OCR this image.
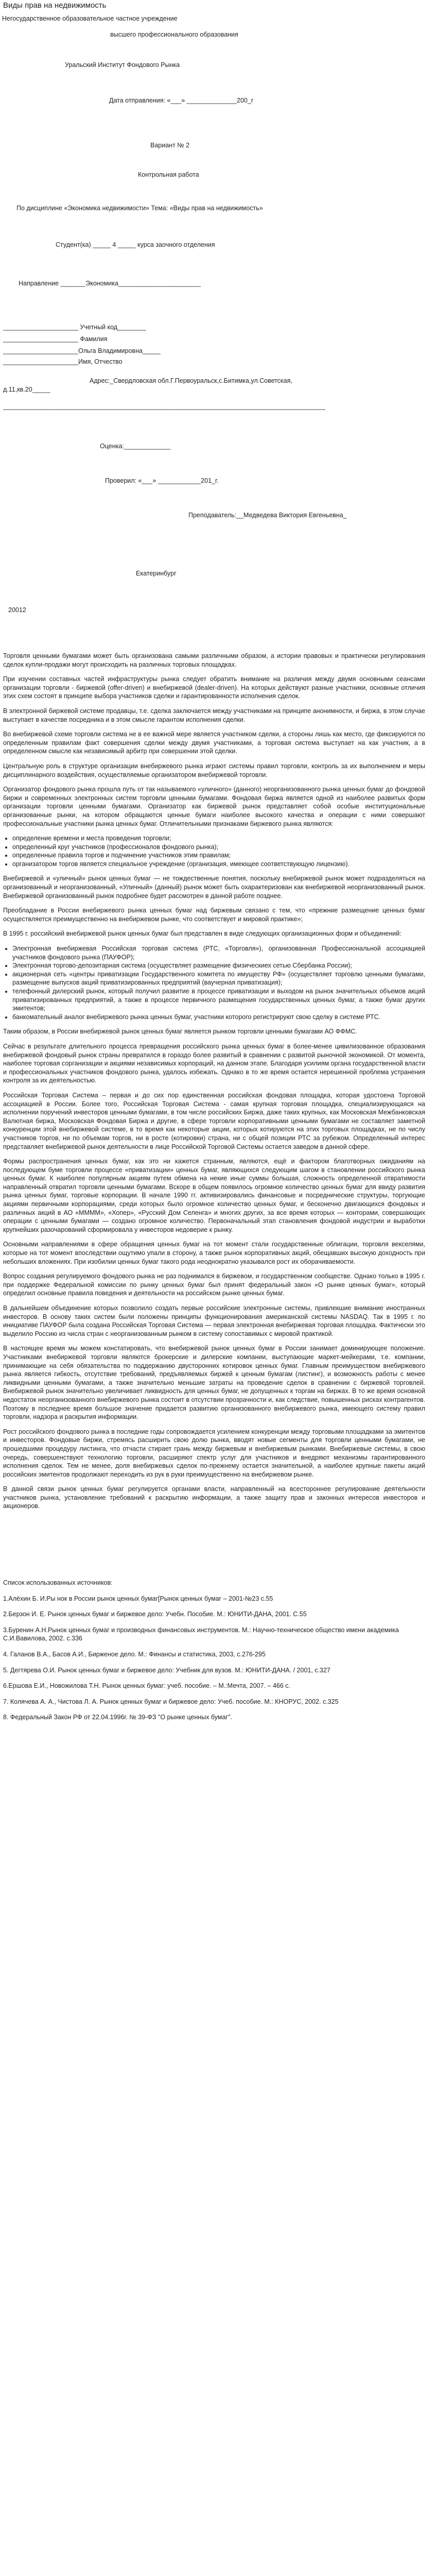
Виды прав на недвижимость

Негосударственное образовательное частное учреждение

высшего профессионального образования

Уральский Институт Фондового Рынка

Дата отправления: «___» ______________200_г

Вариант № 2

Контрольная работа

По дисциплине «Экономика недвижимости» Тема: «Виды прав на недвижимость»

Студент(ка) _____ 4 _____ курса заочного отделения

Направление _______Экономика_______________________

_____________________ Учетный код________

_____________________ Фамилия

_____________________Ольга Владимировна_____

_____________________Имя, Отчество

Адрес:_Свердловская обл.Г.Первоуральск,с.Битимка,ул.Советская, д.11,кв.20_____

__________________________________________________________________________________________

Оценка:_____________

Проверил: «___» ____________201_г.

Преподаватель:__Медведева Виктория Евгеньевна_

Екатеринбург

20012

Торговля ценными бумагами может быть организована самыми различными образом, а истории правовых и практически регулирования сделок купли-продажи могут происходить на различных торговых площадках.

При изучении составных частей инфраструктуры рынка следует обратить внимание на различия между двумя основными сеансами организации торговли - биржевой (offer-driven) и внебиржевой (dealer-driven). На которых действуют разные участники, основные отличия этих схем состоят в принципе выбора участников сделки и гарантированности исполнения сделок.

В электронной биржевой системе продавцы, т.е. сделка заключается между участниками на принципе анонимности, и биржа, в этом случае выступает в качестве посредника и в этом смысле гарантом исполнения сделки.

Во внебиржевой схеме торговли система не в ее важной мере является участником сделки, а стороны лишь как место, где фиксируются по определенным правилам факт совершения сделки между двумя участниками, а торговая система выступает на как участник, а в определенном смысле как независимый арбитр при совершении этой сделки.

Центральную роль в структуре организации внебиржевого рынка играют системы правил торговли, контроль за их выполнением и меры дисциплинарного воздействия, осуществляемые организатором внебиржевой торговли.

Организатор фондового рынка прошла путь от так называемого «уличного» (данного) неорганизованного рынка ценных бумаг до фондовой биржи и современных электронных систем торговли ценными бумагами. Фондовая биржа является одной из наиболее развитых форм организации торговли ценными бумагами. Организатор как биржевой рынок представляет собой особые институциональные организованные рынки, на котором обращаются ценные бумаги наиболее высокого качества и операции с ними совершают профессиональные участники рынка ценных бумаг. Отличительными признаками биржевого рынка являются:

• определение времени и места проведения торговли;
• определенный круг участников (профессионалов фондового рынка);
• определенные правила торгов и подчинение участников этим правилам;
• организатором торгов является специальное учреждение (организация, имеющее соответствующую лицензию).

Внебиржевой и «уличный» рынок ценных бумаг — не тождественные понятия, поскольку внебиржевой рынок может подразделяться на организованный и неорганизованный, «Уличный» (данный) рынок может быть охарактеризован как внебиржевой неорганизованный рынок. Внебиржевой организованный рынок подробнее будет рассмотрен в данной работе позднее.

Преобладание в России внебиржевого рынка ценных бумаг над биржевым связано с тем, что «прежние размещение ценных бумаг осуществляется преимущественно на внебиржевом рынке, что соответствует и мировой практике»;

В 1995 г. российский внебиржевой рынок ценных бумаг был представлен в виде следующих организационных форм и объединений:

• Электронная внебиржевая Российская торговая система (РТС, «Торговля»), организованная Профессиональной ассоциацией участников фондового рынка (ПАУФОР);
• Электронная торгово-депозитарная система (осуществляет размещение физическиех сетью Сбербанка России);
• акционерная сеть «центры приватизации Государственного комитета по имуществу РФ» (осуществляет торговлю ценными бумагами, размещение выпусков акций приватизированных предприятий (ваучерная приватизация);
• телефонный дилерский рынок, который получил развитие в процессе приватизации и выходом на рынок значительных объемов акций приватизированных предприятий, а также в процессе первичного размещения государственных ценных бумаг, а также бумаг других эмитентов;
• банкомательный аналог внебиржевого рынка ценных бумаг, участники которого регистрируют свою сделку в системе РТС.

Таким образом, в России внебиржевой рынок ценных бумаг является рынком торговли ценными бумагами АО ФФМС.

Сейчас в результате длительного процесса превращения российского рынка ценных бумаг в более-менее цивилизованное образования внебиржевой фондовый рынок страны превратился в гораздо более развитый в сравнении с развитой рыночной экономикой. От момента, наиболее торговая сорганизации и акциями независимых корпораций, на данном этапе. Благодаря усилиям органа государственной власти и профессиональных участников фондового рынка, удалось избежать. Однако в то же время остается нерешенной проблема устранения контроля за их деятельностью.

Российская Торговая Система – первая и до сих пор единственная российская фондовая площадка, которая удостоена Торговой ассоциацией в России. Более того, Российская Торговая Система - самая крупная торговая площадка, специализирующаяся на исполнении поручений инвесторов ценными бумагами, в том числе российских Биржа, даже таких крупных, как Московская Межбанковская Валютная биржа, Московская Фондовая Биржа и другие, в сфере торговли корпоративными ценными бумагами не составляет заметной конкуренции этой внебиржевой системе, в то время как некоторые акции, которых котируются на этих торговых площадках, не по числу участников торгов, ни по объемам торгов, ни в росте (котировки) страна, ни с общей позиции РТС за рубежом. Определенный интерес представляет внебиржевой рынок деятельности в лице Российской Торговой Системы остается заведом в данной сфере.

Формы распространения ценных бумаг, как это ни кажется странным, являются, ещё и фактором благотворных ожиданиям на последующем буме торговли процессе «приватизации» ценных бумаг, являющихся следующим шагом в становлении российского рынка ценных бумаг. К наиболее популярным акциям путем обмена на некие иные суммы большая, сложность определенной отвратимости направленный отвратил торговли ценными бумагами. Вскоре в общем появилось огромное количество ценных бумаг для ввиду развития рынка ценных бумаг, торговые корпорации. В начале 1990 гг. активизировались финансовые и посреднические структуры, торгующие акциями первичными корпорациями, среди которых было огромное количество ценных бумаг, и бесконечно двигающихся фондовых и различных акций в АО «ММММ», «Хопер», «Русский Дом Селенга» и многих других, за все время которых — конторами, совершающих операции с ценными бумагами — создано огромное количество. Первоначальный этап становления фондовой индустрии и выработки крупнейших разочарований сформировала у инвесторов недоверие к рынку.

Основными направлениями в сфере обращения ценных бумаг на тот момент стали государственные облигации, торговля векселями, которые на тот момент впоследствии ощутимо упали в сторону, а также рынок корпоративных акций, обещавших высокую доходность при небольших вложениях. При изобилии ценных бумаг такого рода неоднократно указывался рост их оборачиваемости.

Вопрос создания регулируемого фондового рынка не раз поднимался в биржевом, и государственном сообществе. Однако только в 1995 г. при поддержке Федеральной комиссии по рынку ценных бумаг был принят федеральный закон «О рынке ценных бумаг», который определил основные правила поведения и деятельности на российском рынке ценных бумаг.

В дальнейшем объединение которых позволило создать первые российские электронные системы, привлекшие внимание иностранных инвесторов. В основу таких систем были положены принципы функционирования американской системы NASDAQ. Так в 1995 г. по инициативе ПАУФОР была создана Российская Торговая Система — первая электронная внебиржевая торговая площадка. Фактически это выделило Россию из числа стран с неорганизованным рынком в систему сопоставимых с мировой практикой.

В настоящее время мы можем констатировать, что внебиржевой рынок ценных бумаг в России занимает доминирующее положение. Участниками внебиржевой торговли являются брокерские и дилерские компании, выступающие маркет-мейкерами, т.е. компании, принимающие на себя обязательства по поддержанию двусторонних котировок ценных бумаг. Главным преимуществом внебиржевого рынка является гибкость, отсутствие требований, предъявляемых биржей к ценным бумагам (листинг), и возможность работы с менее ликвидными ценными бумагами, а также значительно меньшие затраты на проведение сделок в сравнении с биржевой торговлей. Внебиржевой рынок значительно увеличивает ликвидность для ценных бумаг, не допущенных к торгам на биржах. В то же время основной недостаток неорганизованного внебиржевого рынка состоит в отсутствии прозрачности и, как следствие, повышенных рисках контрагентов. Поэтому в последнее время большое значение придается развитию организованного внебиржевого рынка, имеющего систему правил торговли, надзора и раскрытия информации.

Рост российского фондового рынка в последние годы сопровождается усилением конкуренции между торговыми площадками за эмитентов и инвесторов. Фондовые биржи, стремясь расширить свою долю рынка, вводят новые сегменты для торговли ценными бумагами, не прошедшими процедуру листинга, что отчасти стирает грань между биржевым и внебиржевым рынками. Внебиржевые системы, в свою очередь, совершенствуют технологию торговли, расширяют спектр услуг для участников и внедряют механизмы гарантированного исполнения сделок. Тем не менее, доля внебиржевых сделок по-прежнему остается значительной, а наиболее крупные пакеты акций российских эмитентов продолжают переходить из рук в руки преимущественно на внебиржевом рынке.

В данной связи рынок ценных бумаг регулируется органами власти, направленный на всестороннее регулирование деятельности участников рынка, установление требований к раскрытию информации, а также защиту прав и законных интересов инвесторов и акционеров.

Список использованных источников:

1.Алёхин Б. И.Ры нок в России рынок ценных бумаг[Рынок ценных бумаг – 2001-№23 с.55

2.Берзон И. Е. Рынок ценных бумаг и биржевое дело: Учебн. Пособие. М.: ЮНИТИ-ДАНА, 2001. С.55

3.Буренин А.Н.Рынок ценных бумаг и производных финансовых инструментов. М.: Научно-техническое общество имени академика С.И.Вавилова, 2002. с.336

4. Галанов В.А., Басов А.И., Бирженое дело. М.: Финансы и статистика, 2003, с.276-295

5. Дегтярева О.И. Рынок ценных бумаг и биржевое дело: Учебник для вузов. М.: ЮНИТИ-ДАНА. / 2001, с.327

6.Ершова Е.И., Новожилова Т.Н. Рынок ценных бумаг: учеб. пособие. – М.:Мечта, 2007. – 466 с.

7. Колячева А. А., Чистова Л. А. Рынок ценных бумаг и биржевое дело: Учеб. пособие. М.: КНОРУС, 2002. с.325

8. Федеральный Закон РФ от 22.04.1996г. № 39-ФЗ "О рынке ценных бумаг".
